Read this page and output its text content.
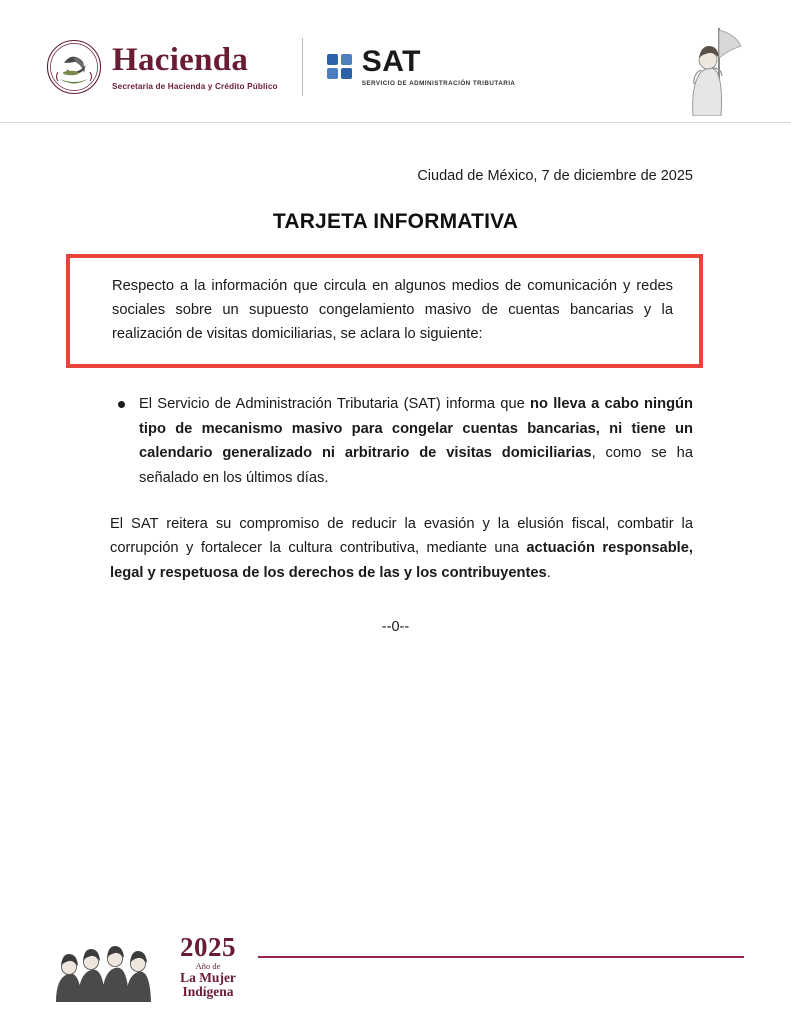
Hacienda
Secretaría de Hacienda y Crédito Público
SAT
SERVICIO DE ADMINISTRACIÓN TRIBUTARIA
Ciudad de México, 7 de diciembre de 2025
TARJETA INFORMATIVA

Respecto a la información que circula en algunos medios de comunicación y redes sociales sobre un supuesto congelamiento masivo de cuentas bancarias y la realización de visitas domiciliarias, se aclara lo siguiente:

El Servicio de Administración Tributaria (SAT) informa que no lleva a cabo ningún tipo de mecanismo masivo para congelar cuentas bancarias, ni tiene un calendario generalizado ni arbitrario de visitas domiciliarias, como se ha señalado en los últimos días.

El SAT reitera su compromiso de reducir la evasión y la elusión fiscal, combatir la corrupción y fortalecer la cultura contributiva, mediante una actuación responsable, legal y respetuosa de los derechos de las y los contribuyentes.

--0--
2025
Año de
La Mujer
Indígena
